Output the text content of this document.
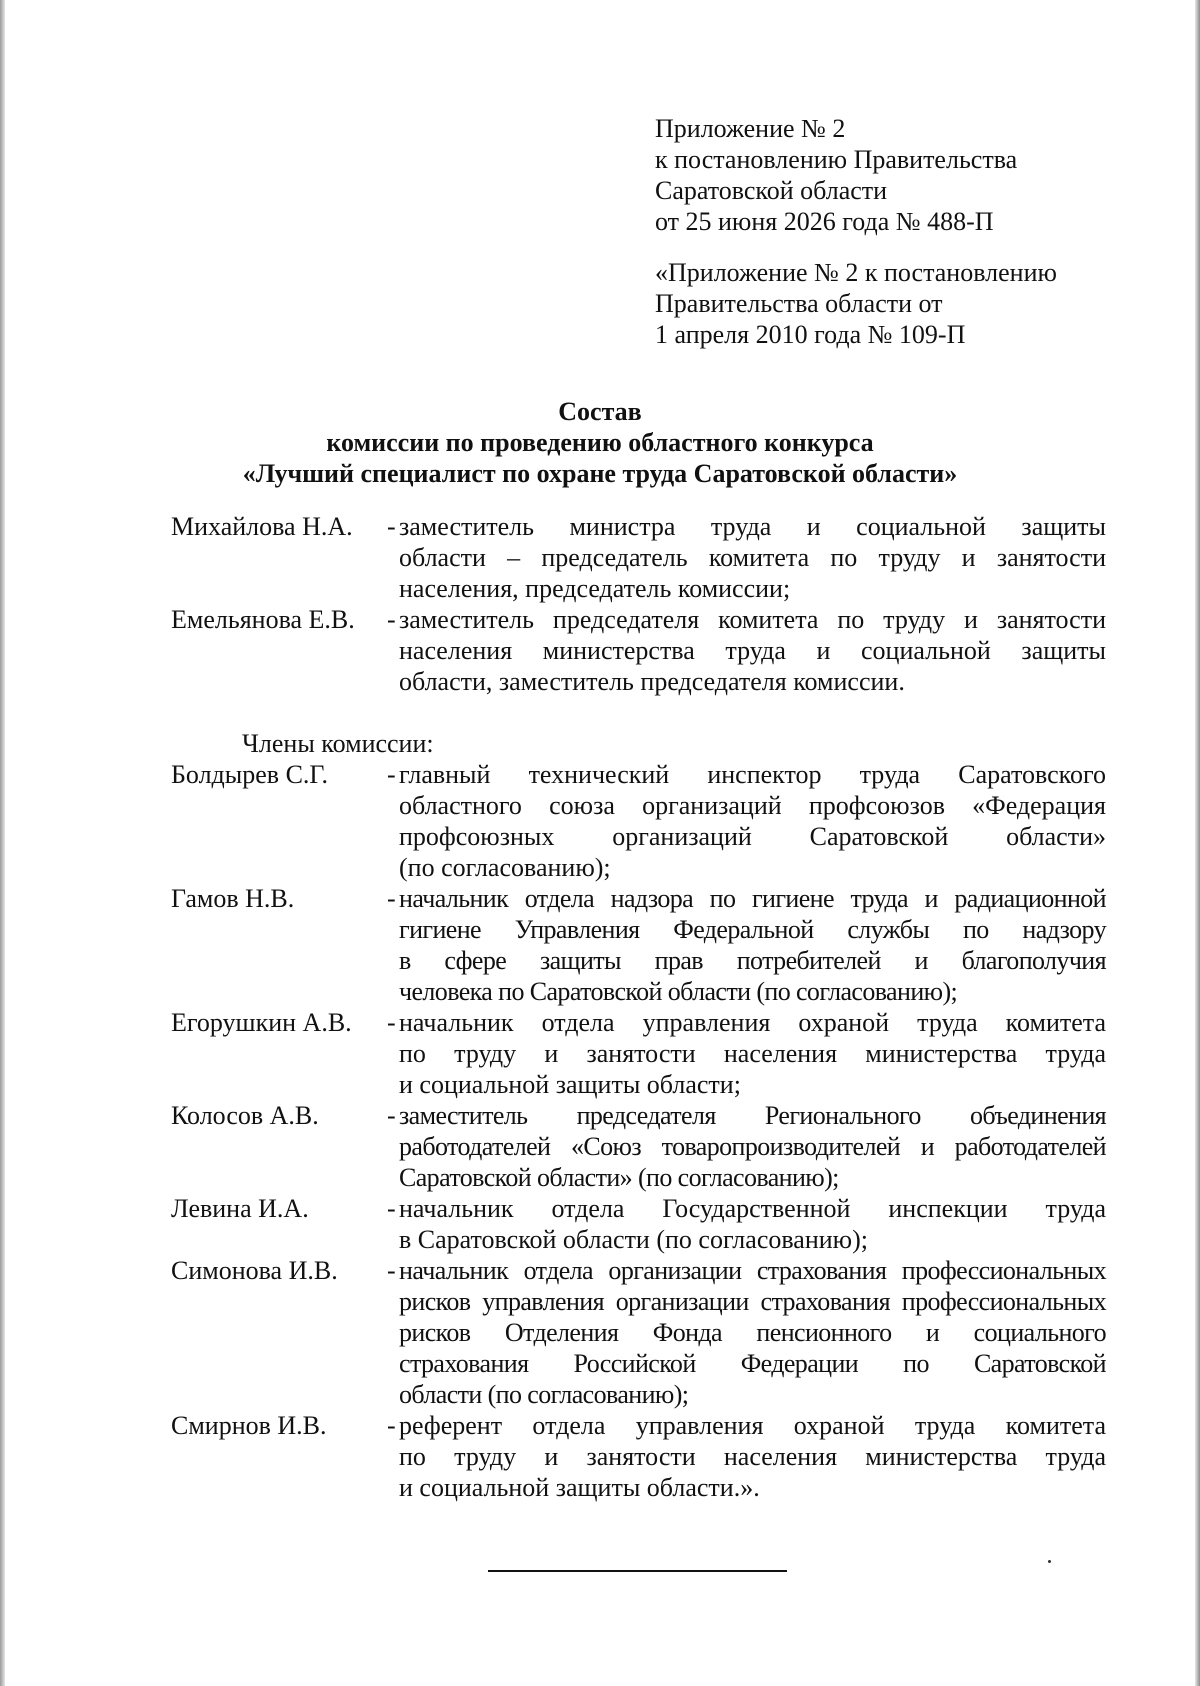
Приложение № 2
к постановлению Правительства
Саратовской области
от 25 июня 2026 года № 488-П
«Приложение № 2 к постановлению
Правительства области от
1 апреля 2010 года № 109-П
Состав
комиссии по проведению областного конкурса
«Лучший специалист по охране труда Саратовской области»
Михайлова Н.А.	- заместитель министра труда и социальной защиты
области – председатель комитета по труду и занятости
населения, председатель комиссии;
Емельянова Е.В.	- заместитель председателя комитета по труду и занятости
населения министерства труда и социальной защиты
области, заместитель председателя комиссии.
Члены комиссии:
Болдырев С.Г.	- главный технический инспектор труда Саратовского
областного союза организаций профсоюзов «Федерация
профсоюзных организаций Саратовской области»
(по согласованию);
Гамов Н.В.	- начальник отдела надзора по гигиене труда и радиационной
гигиене Управления Федеральной службы по надзору
в сфере защиты прав потребителей и благополучия
человека по Саратовской области (по согласованию);
Егорушкин А.В.	- начальник отдела управления охраной труда комитета
по труду и занятости населения министерства труда
и социальной защиты области;
Колосов А.В.	- заместитель председателя Регионального объединения
работодателей «Союз товаропроизводителей и работодателей
Саратовской области» (по согласованию);
Левина И.А.	- начальник отдела Государственной инспекции труда
в Саратовской области (по согласованию);
Симонова И.В.	- начальник отдела организации страхования профессиональных
рисков управления организации страхования профессиональных
рисков Отделения Фонда пенсионного и социального
страхования Российской Федерации по Саратовской
области (по согласованию);
Смирнов И.В.	- референт отдела управления охраной труда комитета
по труду и занятости населения министерства труда
и социальной защиты области.».
